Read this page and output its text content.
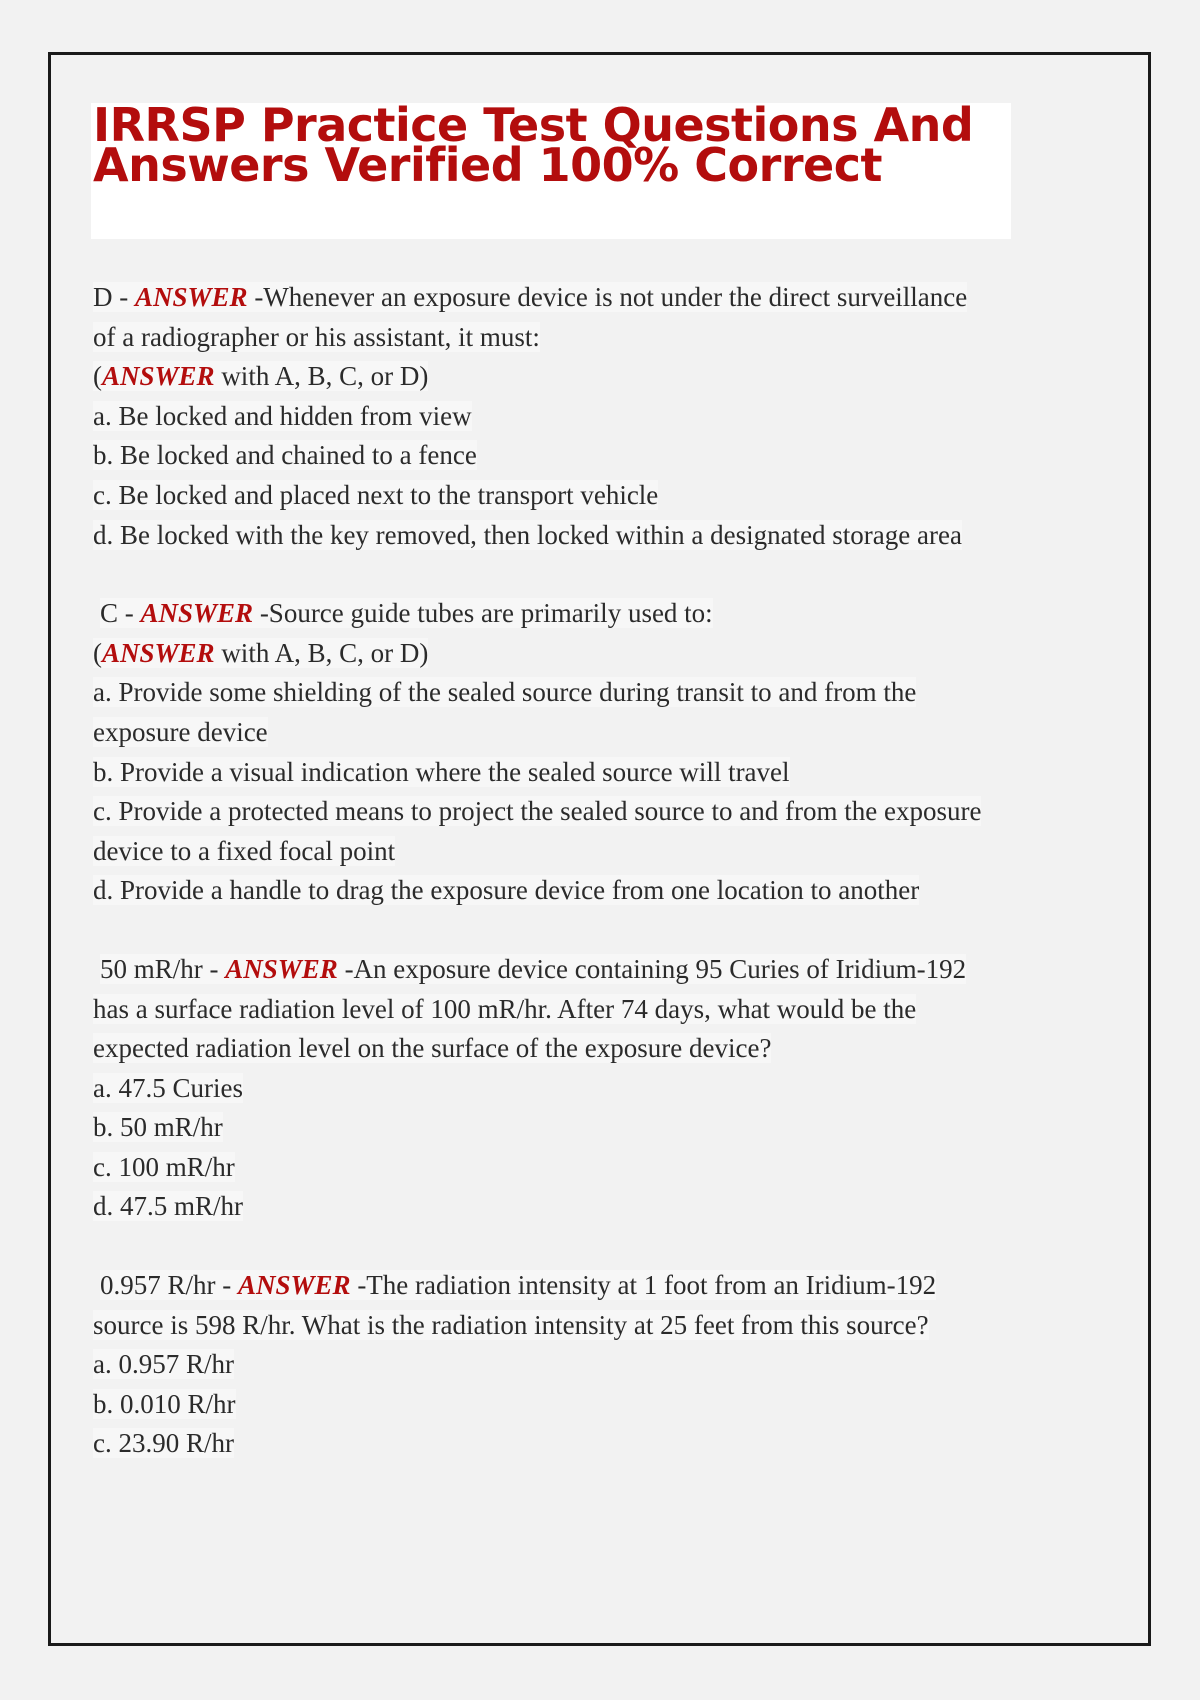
IRRSP Practice Test Questions And
Answers Verified 100% Correct
D - ANSWER -Whenever an exposure device is not under the direct surveillance
of a radiographer or his assistant, it must:
(ANSWER with A, B, C, or D)
a. Be locked and hidden from view
b. Be locked and chained to a fence
c. Be locked and placed next to the transport vehicle
d. Be locked with the key removed, then locked within a designated storage area
C - ANSWER -Source guide tubes are primarily used to:
(ANSWER with A, B, C, or D)
a. Provide some shielding of the sealed source during transit to and from the
exposure device
b. Provide a visual indication where the sealed source will travel
c. Provide a protected means to project the sealed source to and from the exposure
device to a fixed focal point
d. Provide a handle to drag the exposure device from one location to another
50 mR/hr - ANSWER -An exposure device containing 95 Curies of Iridium-192
has a surface radiation level of 100 mR/hr. After 74 days, what would be the
expected radiation level on the surface of the exposure device?
a. 47.5 Curies
b. 50 mR/hr
c. 100 mR/hr
d. 47.5 mR/hr
0.957 R/hr - ANSWER -The radiation intensity at 1 foot from an Iridium-192
source is 598 R/hr. What is the radiation intensity at 25 feet from this source?
a. 0.957 R/hr
b. 0.010 R/hr
c. 23.90 R/hr
